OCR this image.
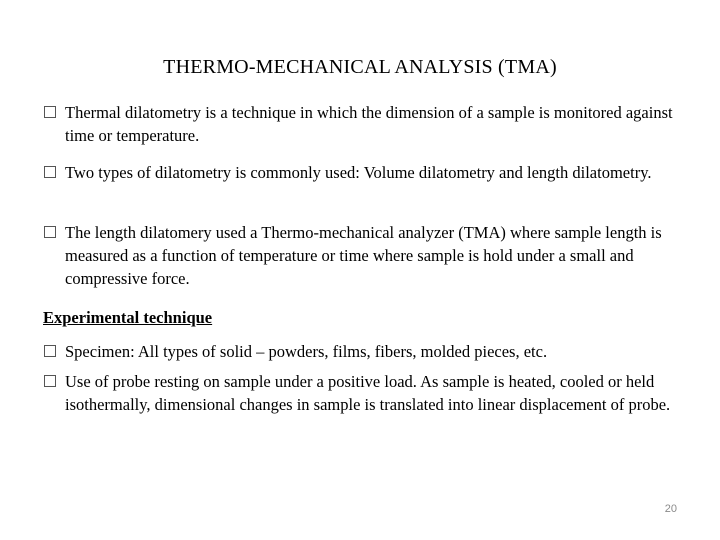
THERMO-MECHANICAL ANALYSIS (TMA)
Thermal dilatometry is a technique in which the dimension of a sample is monitored against time or temperature.
Two types of dilatometry is commonly used: Volume dilatometry and length dilatometry.
The length dilatomery used a Thermo-mechanical analyzer (TMA) where sample length is measured as a function of temperature or time where sample is hold under a small and compressive force.
Experimental technique
Specimen: All types of solid – powders, films, fibers, molded pieces, etc.
Use of probe resting on sample under a positive load. As sample is heated, cooled or held isothermally, dimensional changes in sample is translated into linear displacement of probe.
20
